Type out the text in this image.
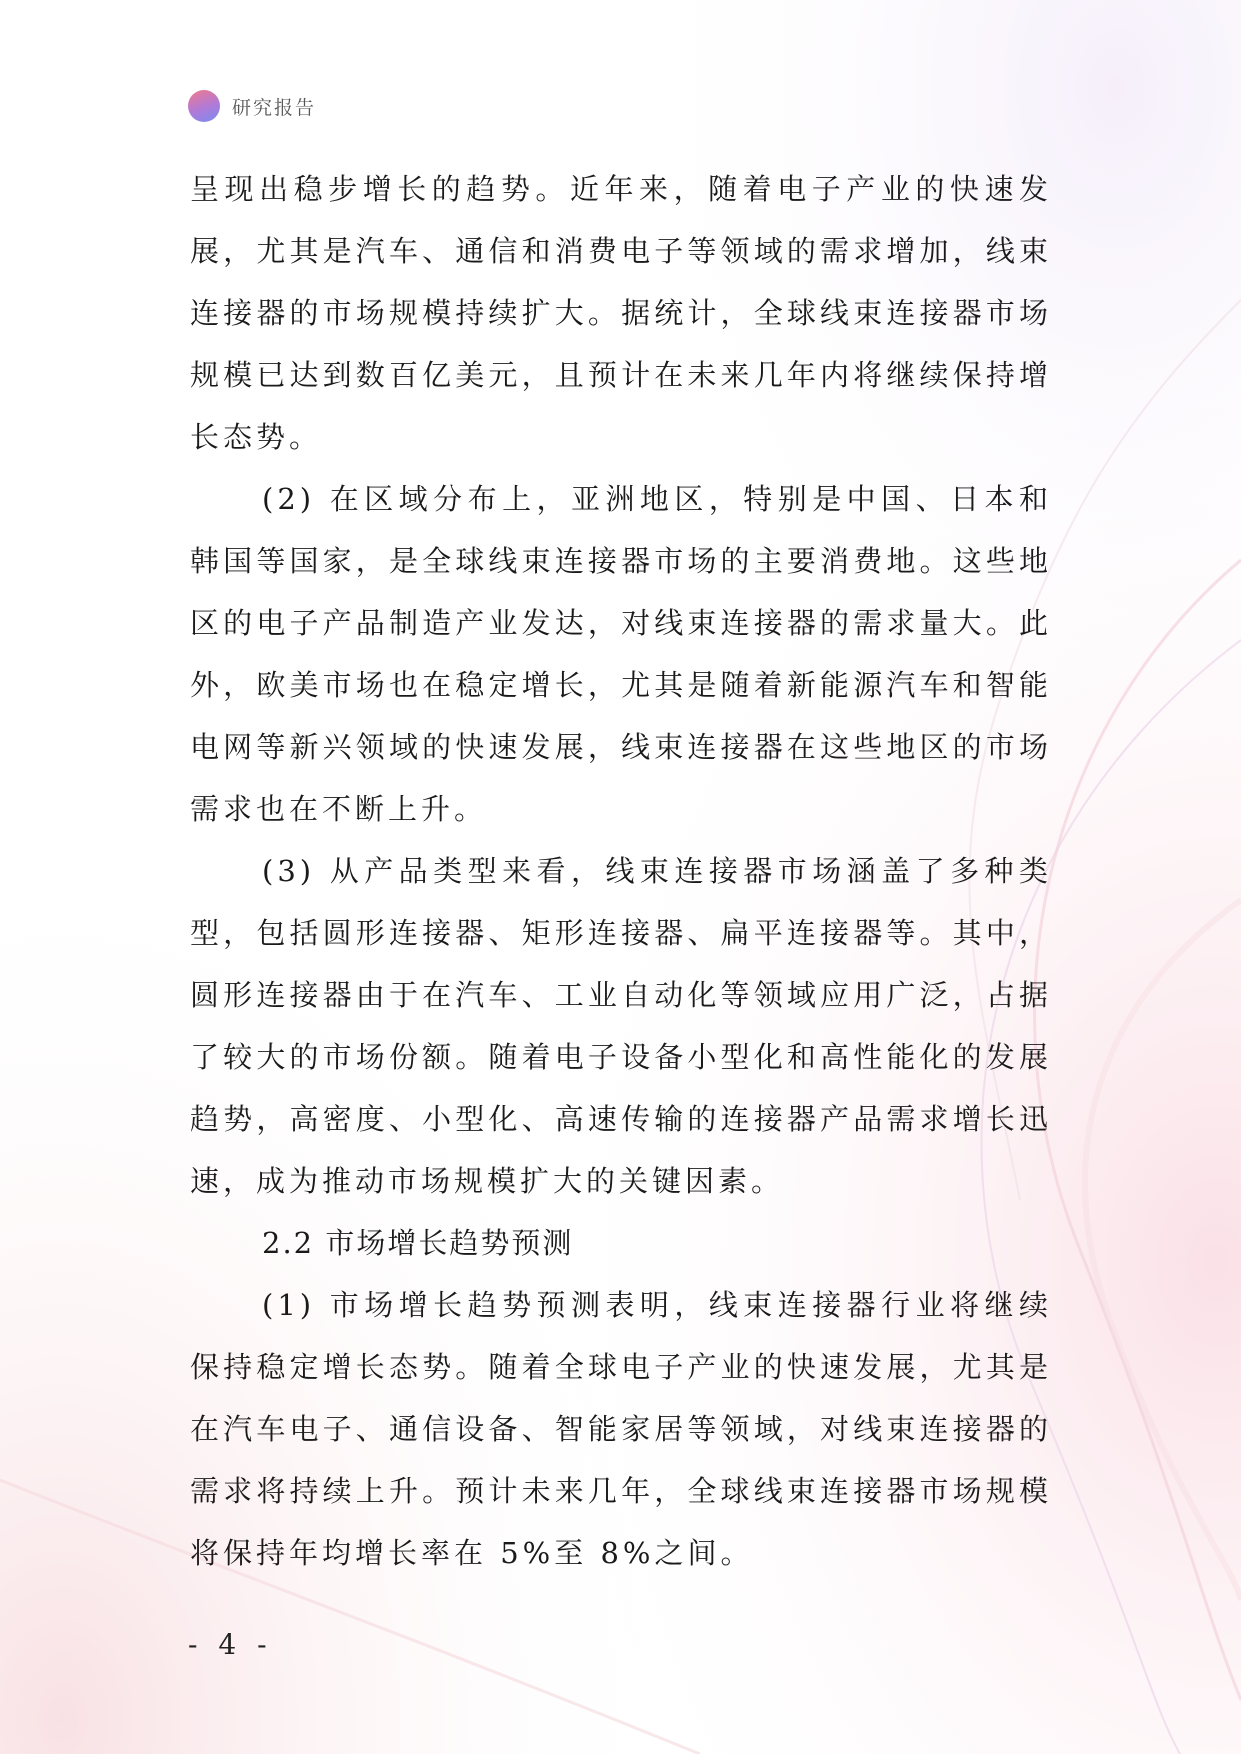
研究报告

呈现出稳步增长的趋势。近年来，随着电子产业的快速发展，尤其是汽车、通信和消费电子等领域的需求增加，线束连接器的市场规模持续扩大。据统计，全球线束连接器市场规模已达到数百亿美元，且预计在未来几年内将继续保持增长态势。

(2) 在区域分布上，亚洲地区，特别是中国、日本和韩国等国家，是全球线束连接器市场的主要消费地。这些地区的电子产品制造产业发达，对线束连接器的需求量大。此外，欧美市场也在稳定增长，尤其是随着新能源汽车和智能电网等新兴领域的快速发展，线束连接器在这些地区的市场需求也在不断上升。

(3) 从产品类型来看，线束连接器市场涵盖了多种类型，包括圆形连接器、矩形连接器、扁平连接器等。其中，圆形连接器由于在汽车、工业自动化等领域应用广泛，占据了较大的市场份额。随着电子设备小型化和高性能化的发展趋势，高密度、小型化、高速传输的连接器产品需求增长迅速，成为推动市场规模扩大的关键因素。

2.2 市场增长趋势预测

(1) 市场增长趋势预测表明，线束连接器行业将继续保持稳定增长态势。随着全球电子产业的快速发展，尤其是在汽车电子、通信设备、智能家居等领域，对线束连接器的需求将持续上升。预计未来几年，全球线束连接器市场规模将保持年均增长率在 5%至 8%之间。

- 4 -
